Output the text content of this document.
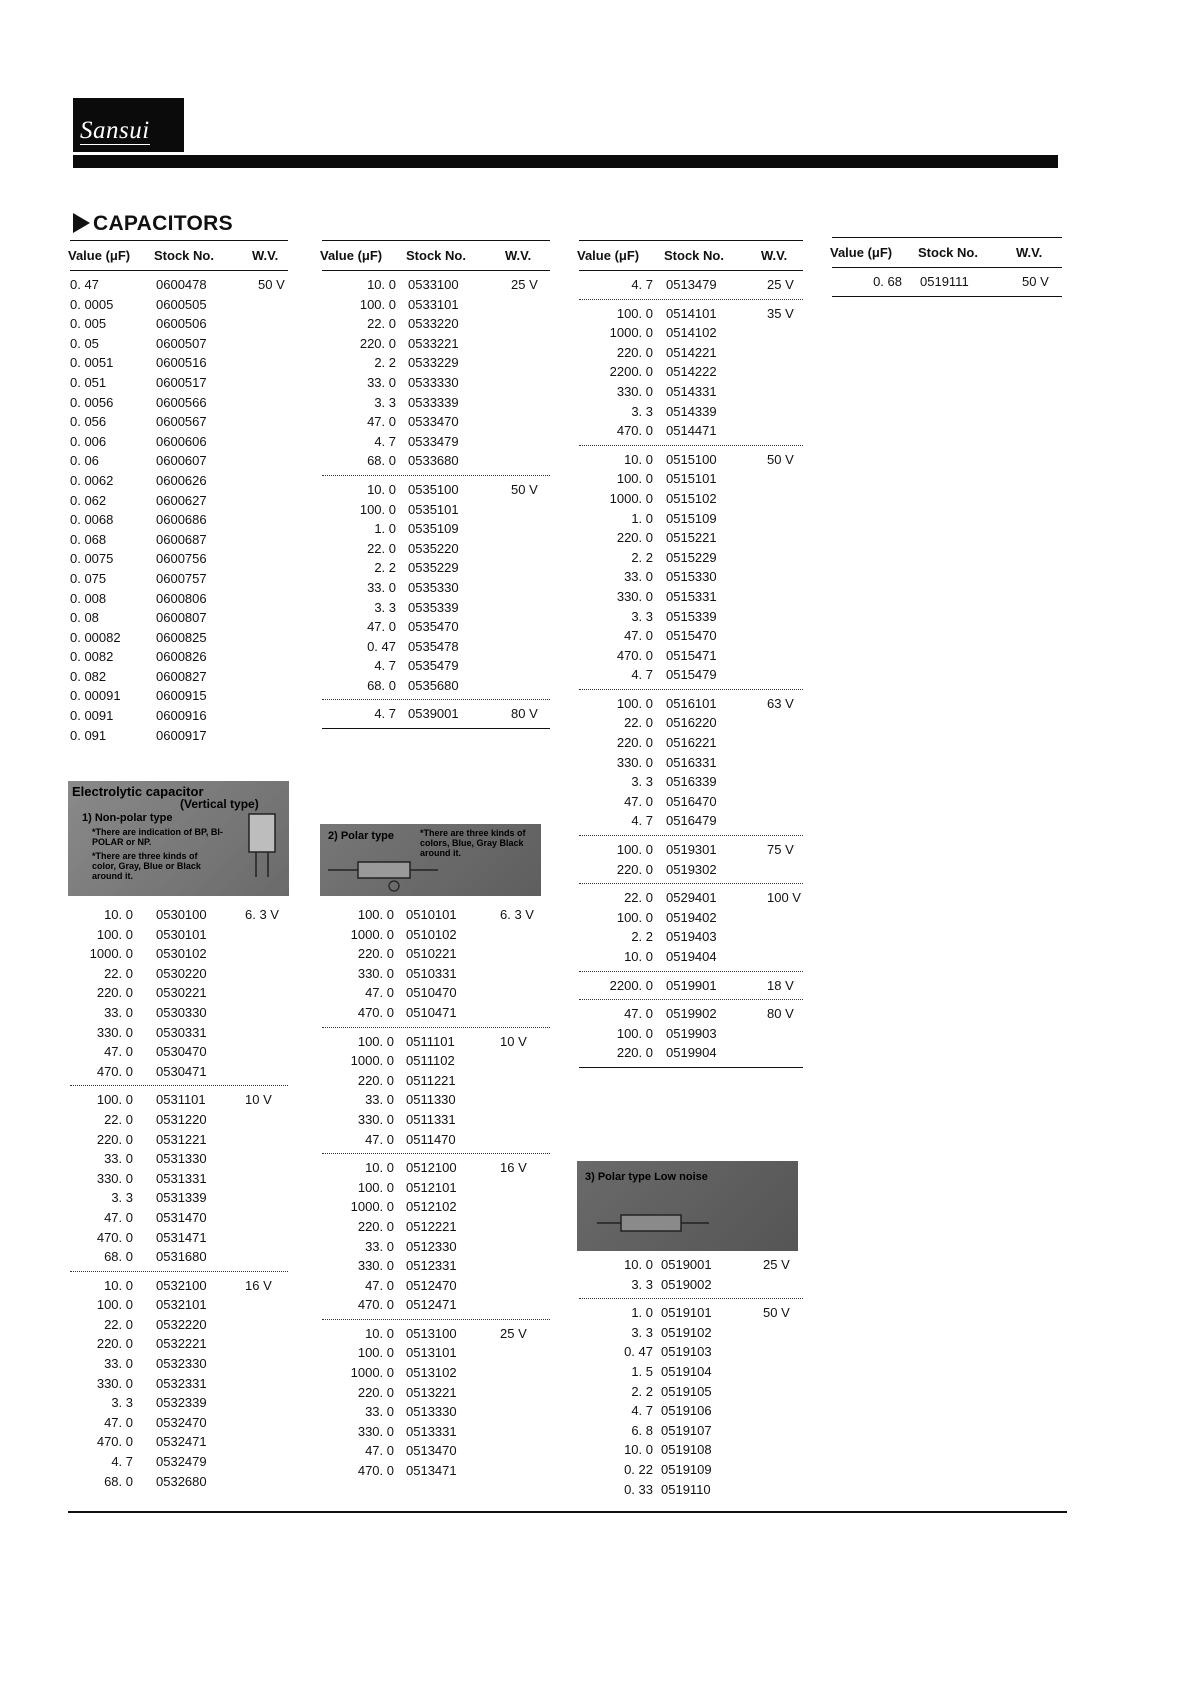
Sansui
CAPACITORS
Value (μF) Stock No.	W.V.
0. 47	0600478	50 V
0. 0005	0600505
0. 005	0600506
0. 05	0600507
0. 0051	0600516
0. 051	0600517
0. 0056	0600566
0. 056	0600567
0. 006	0600606
0. 06	0600607
0. 0062	0600626
0. 062	0600627
0. 0068	0600686
0. 068	0600687
0. 0075	0600756
0. 075	0600757
0. 008	0600806
0. 08	0600807
0. 00082	0600825
0. 0082	0600826
0. 082	0600827
0. 00091	0600915
0. 0091	0600916
0. 091	0600917
Value (μF) Stock No.	W.V.
10. 0 0533100	25 V
100. 0 0533101
22. 0 0533220
220. 0 0533221
2. 2 0533229
33. 0 0533330
3. 3 0533339
47. 0 0533470
4. 7 0533479
68. 0 0533680
10. 0 0535100	50 V
100. 0 0535101
1. 0 0535109
22. 0 0535220
2. 2 0535229
33. 0 0535330
3. 3 0535339
47. 0 0535470
0. 47 0535478
4. 7 0535479
68. 0 0535680
4. 7 0539001	80 V
Value (μF) Stock No.	W.V.
4. 7 0513479	25 V
100. 0 0514101	35 V
1000. 0 0514102
220. 0 0514221
2200. 0 0514222
330. 0 0514331
3. 3 0514339
470. 0 0514471
10. 0 0515100	50 V
100. 0 0515101
1000. 0 0515102
1. 0 0515109
220. 0 0515221
2. 2 0515229
33. 0 0515330
330. 0 0515331
3. 3 0515339
47. 0 0515470
470. 0 0515471
4. 7 0515479
100. 0 0516101	63 V
22. 0 0516220
220. 0 0516221
330. 0 0516331
3. 3 0516339
47. 0 0516470
4. 7 0516479
100. 0 0519301	75 V
220. 0 0519302
22. 0 0529401	100 V
100. 0 0519402
2. 2 0519403
10. 0 0519404
2200. 0 0519901	18 V
47. 0 0519902	80 V
100. 0 0519903
220. 0 0519904
Value (μF) Stock No.	W.V.
0. 68 0519111	50 V
10. 0 0530100	6. 3 V
100. 0 0530101
1000. 0 0530102
22. 0 0530220
220. 0 0530221
33. 0 0530330
330. 0 0530331
47. 0 0530470
470. 0 0530471
100. 0 0531101	10 V
22. 0 0531220
220. 0 0531221
33. 0 0531330
330. 0 0531331
3. 3 0531339
47. 0 0531470
470. 0 0531471
68. 0 0531680
10. 0 0532100	16 V
100. 0 0532101
22. 0 0532220
220. 0 0532221
33. 0 0532330
330. 0 0532331
3. 3 0532339
47. 0 0532470
470. 0 0532471
4. 7 0532479
68. 0 0532680
100. 0 0510101	6. 3 V
1000. 0 0510102
220. 0 0510221
330. 0 0510331
47. 0 0510470
470. 0 0510471
100. 0 0511101	10 V
1000. 0 0511102
220. 0 0511221
33. 0 0511330
330. 0 0511331
47. 0 0511470
10. 0 0512100	16 V
100. 0 0512101
1000. 0 0512102
220. 0 0512221
33. 0 0512330
330. 0 0512331
47. 0 0512470
470. 0 0512471
10. 0 0513100	25 V
100. 0 0513101
1000. 0 0513102
220. 0 0513221
33. 0 0513330
330. 0 0513331
47. 0 0513470
470. 0 0513471
10. 0 0519001	25 V
3. 3 0519002
1. 0 0519101	50 V
3. 3 0519102
0. 47 0519103
1. 5 0519104
2. 2 0519105
4. 7 0519106
6. 8 0519107
10. 0 0519108
0. 22 0519109
0. 33 0519110
Electrolytic capacitor
(Vertical type)
1) Non-polar type
*There are indication of BP, BI-POLAR or NP.
*There are three kinds of color, Gray, Blue or Black around it.
2) Polar type	*There are three kinds of colors, Blue, Gray Black around it.
3) Polar type Low noise
